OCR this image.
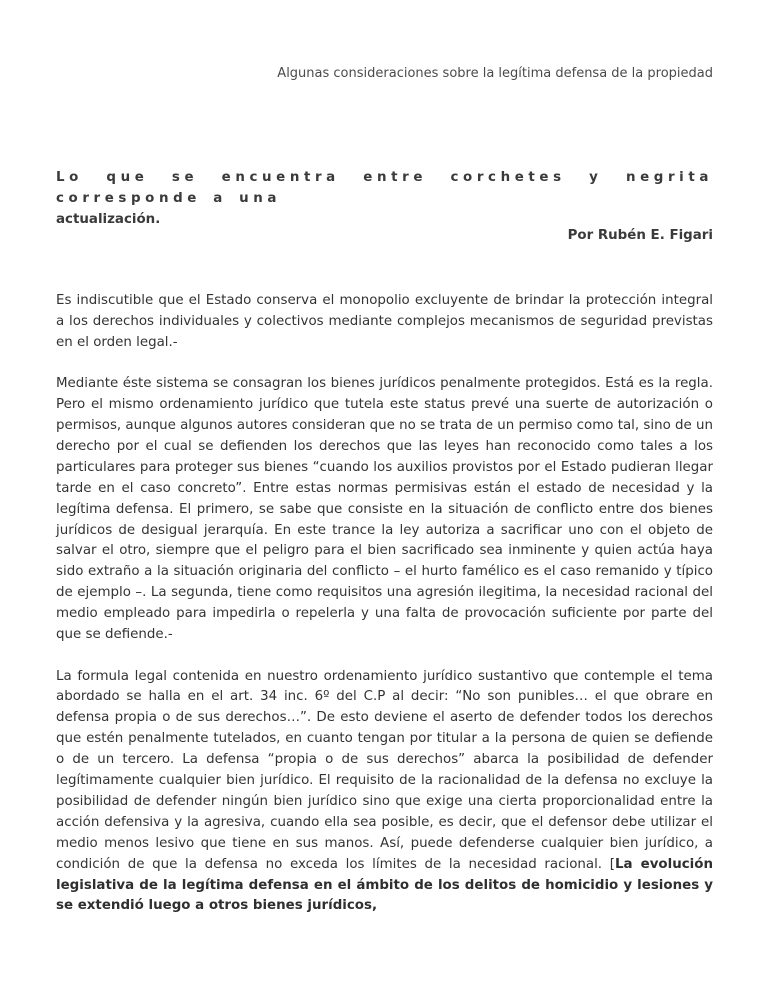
Algunas consideraciones sobre la legítima defensa de la propiedad
Lo que se encuentra entre corchetes y negrita corresponde a una
actualización.
Por Rubén E. Figari

Es indiscutible que el Estado conserva el monopolio excluyente de brindar la protección integral a los derechos individuales y colectivos mediante complejos mecanismos de seguridad previstas en el orden legal.-

Mediante éste sistema se consagran los bienes jurídicos penalmente protegidos. Está es la regla. Pero el mismo ordenamiento jurídico que tutela este status prevé una suerte de autorización o permisos, aunque algunos autores consideran que no se trata de un permiso como tal, sino de un derecho por el cual se defienden los derechos que las leyes han reconocido como tales a los particulares para proteger sus bienes “cuando los auxilios provistos por el Estado pudieran llegar tarde en el caso concreto”. Entre estas normas permisivas están el estado de necesidad y la legítima defensa. El primero, se sabe que consiste en la situación de conflicto entre dos bienes jurídicos de desigual jerarquía. En este trance la ley autoriza a sacrificar uno con el objeto de salvar el otro, siempre que el peligro para el bien sacrificado sea inminente y quien actúa haya sido extraño a la situación originaria del conflicto – el hurto famélico es el caso remanido y típico de ejemplo –. La segunda, tiene como requisitos una agresión ilegitima, la necesidad racional del medio empleado para impedirla o repelerla y una falta de provocación suficiente por parte del que se defiende.-

La formula legal contenida en nuestro ordenamiento jurídico sustantivo que contemple el tema abordado se halla en el art. 34 inc. 6º del C.P al decir: “No son punibles… el que obrare en defensa propia o de sus derechos…”. De esto deviene el aserto de defender todos los derechos que estén penalmente tutelados, en cuanto tengan por titular a la persona de quien se defiende o de un tercero. La defensa “propia o de sus derechos” abarca la posibilidad de defender legítimamente cualquier bien jurídico. El requisito de la racionalidad de la defensa no excluye la posibilidad de defender ningún bien jurídico sino que exige una cierta proporcionalidad entre la acción defensiva y la agresiva, cuando ella sea posible, es decir, que el defensor debe utilizar el medio menos lesivo que tiene en sus manos. Así, puede defenderse cualquier bien jurídico, a condición de que la defensa no exceda los límites de la necesidad racional. [La evolución legislativa de la legítima defensa en el ámbito de los delitos de homicidio y lesiones y se extendió luego a otros bienes jurídicos,
